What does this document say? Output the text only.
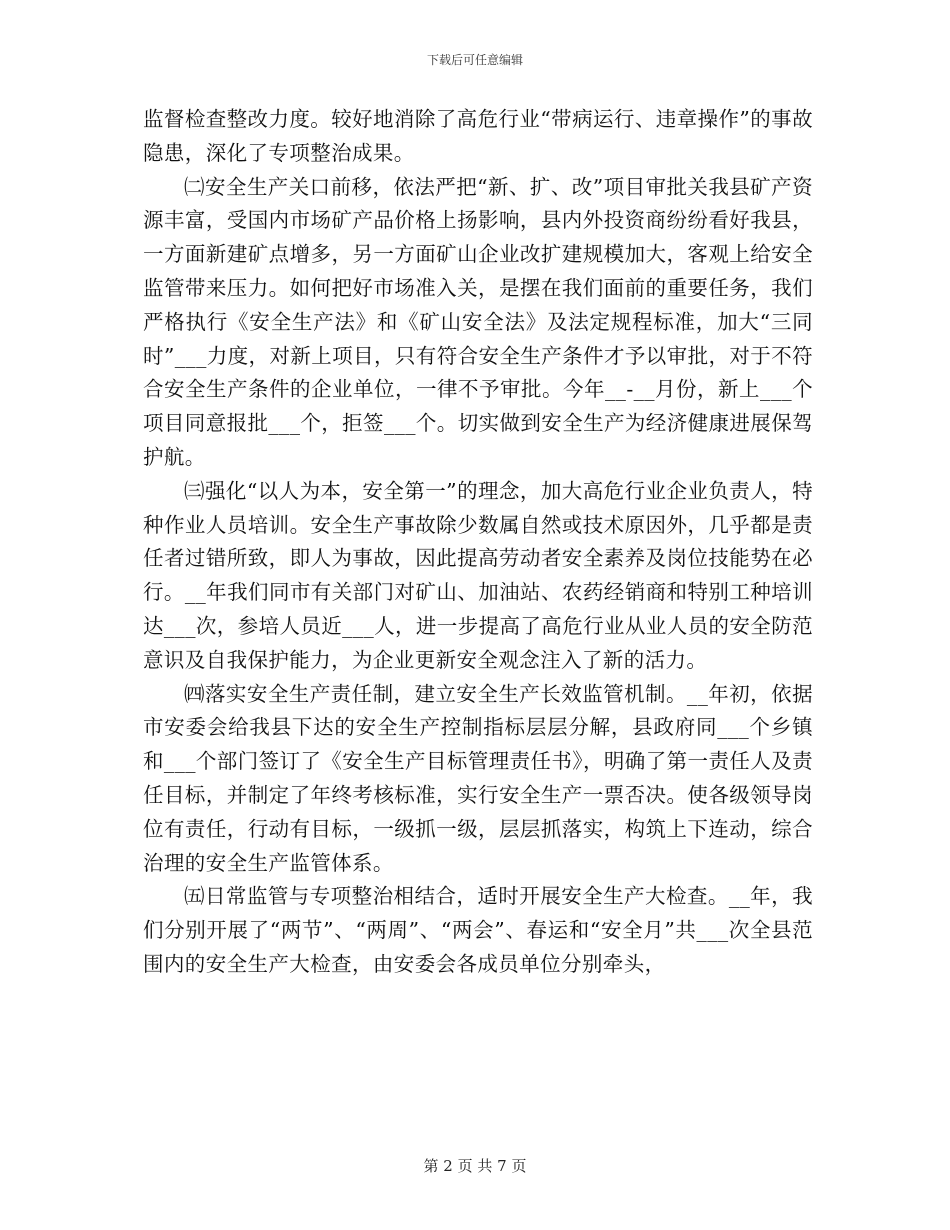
下载后可任意编辑

监督检查整改力度。较好地消除了高危行业“带病运行、违章操作”的事故隐患，深化了专项整治成果。

㈡安全生产关口前移，依法严把“新、扩、改”项目审批关我县矿产资源丰富，受国内市场矿产品价格上扬影响，县内外投资商纷纷看好我县，一方面新建矿点增多，另一方面矿山企业改扩建规模加大，客观上给安全监管带来压力。如何把好市场准入关，是摆在我们面前的重要任务，我们严格执行《安全生产法》和《矿山安全法》及法定规程标准，加大“三同时”___力度，对新上项目，只有符合安全生产条件才予以审批，对于不符合安全生产条件的企业单位，一律不予审批。今年__-__月份，新上___个项目同意报批___个，拒签___个。切实做到安全生产为经济健康进展保驾护航。

㈢强化“以人为本，安全第一”的理念，加大高危行业企业负责人，特种作业人员培训。安全生产事故除少数属自然或技术原因外，几乎都是责任者过错所致，即人为事故，因此提高劳动者安全素养及岗位技能势在必行。__年我们同市有关部门对矿山、加油站、农药经销商和特别工种培训达___次，参培人员近___人，进一步提高了高危行业从业人员的安全防范意识及自我保护能力，为企业更新安全观念注入了新的活力。

㈣落实安全生产责任制，建立安全生产长效监管机制。__年初，依据市安委会给我县下达的安全生产控制指标层层分解，县政府同___个乡镇和___个部门签订了《安全生产目标管理责任书》，明确了第一责任人及责任目标，并制定了年终考核标准，实行安全生产一票否决。使各级领导岗位有责任，行动有目标，一级抓一级，层层抓落实，构筑上下连动，综合治理的安全生产监管体系。

㈤日常监管与专项整治相结合，适时开展安全生产大检查。__年，我们分别开展了“两节”、“两周”、“两会”、春运和“安全月”共___次全县范围内的安全生产大检查，由安委会各成员单位分别牵头，

第 2 页 共 7 页
